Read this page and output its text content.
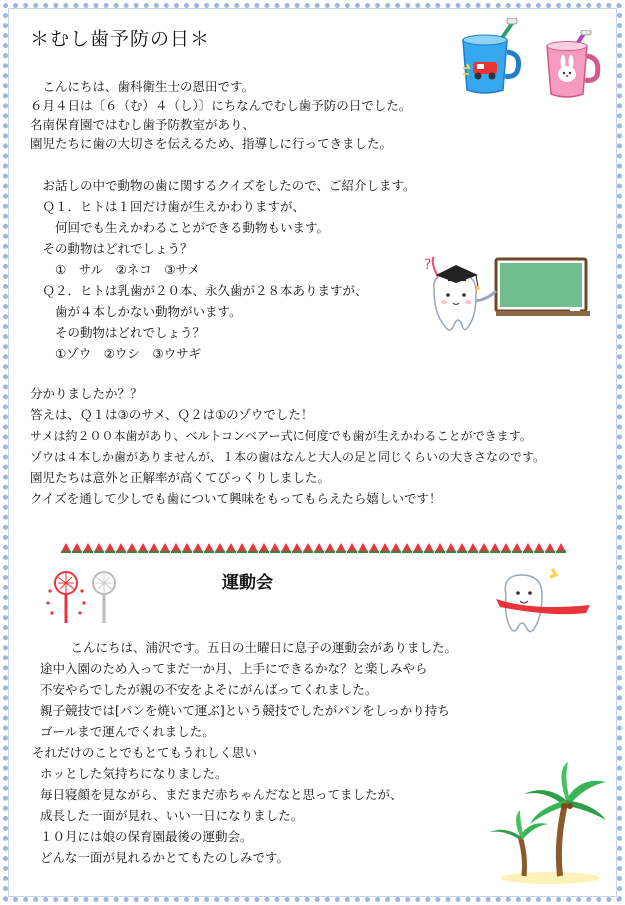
＊むし歯予防の日＊
　こんにちは、歯科衛生士の恩田です。
６月４日は〔６（む）４（し）〕にちなんでむし歯予防の日でした。
名南保育園ではむし歯予防教室があり、
園児たちに歯の大切さを伝えるため、指導しに行ってきました。
　お話しの中で動物の歯に関するクイズをしたので、ご紹介します。
　Ｑ１．ヒトは１回だけ歯が生えかわりますが、
　　何回でも生えかわることができる動物もいます。
　その動物はどれでしょう？
　　①　サル　②ネコ　③サメ
　Ｑ２．ヒトは乳歯が２０本、永久歯が２８本ありますが、
　　歯が４本しかない動物がいます。
　　その動物はどれでしょう？
　　①ゾウ　②ウシ　③ウサギ
分かりましたか？？
答えは、Ｑ１は③のサメ、Ｑ２は①のゾウでした！
サメは約２００本歯があり、ベルトコンベアー式に何度でも歯が生えかわることができます。
ゾウは４本しか歯がありませんが、１本の歯はなんと大人の足と同じくらいの大きさなのです。
園児たちは意外と正解率が高くてびっくりしました。
クイズを通して少しでも歯について興味をもってもらえたら嬉しいです！
?
運動会
　こんにちは、浦沢です。五日の土曜日に息子の運動会がありました。
途中入園のため入ってまだ一か月、上手にできるかな？と楽しみやら
不安やらでしたが親の不安をよそにがんばってくれました。
親子競技では[パンを焼いて運ぶ]という競技でしたがパンをしっかり持ち
ゴールまで運んでくれました。
それだけのことでもとてもうれしく思い
ホッとした気持ちになりました。
毎日寝顔を見ながら、まだまだ赤ちゃんだなと思ってましたが、
成長した一面が見れ、いい一日になりました。
１０月には娘の保育園最後の運動会。
どんな一面が見れるかとてもたのしみです。
